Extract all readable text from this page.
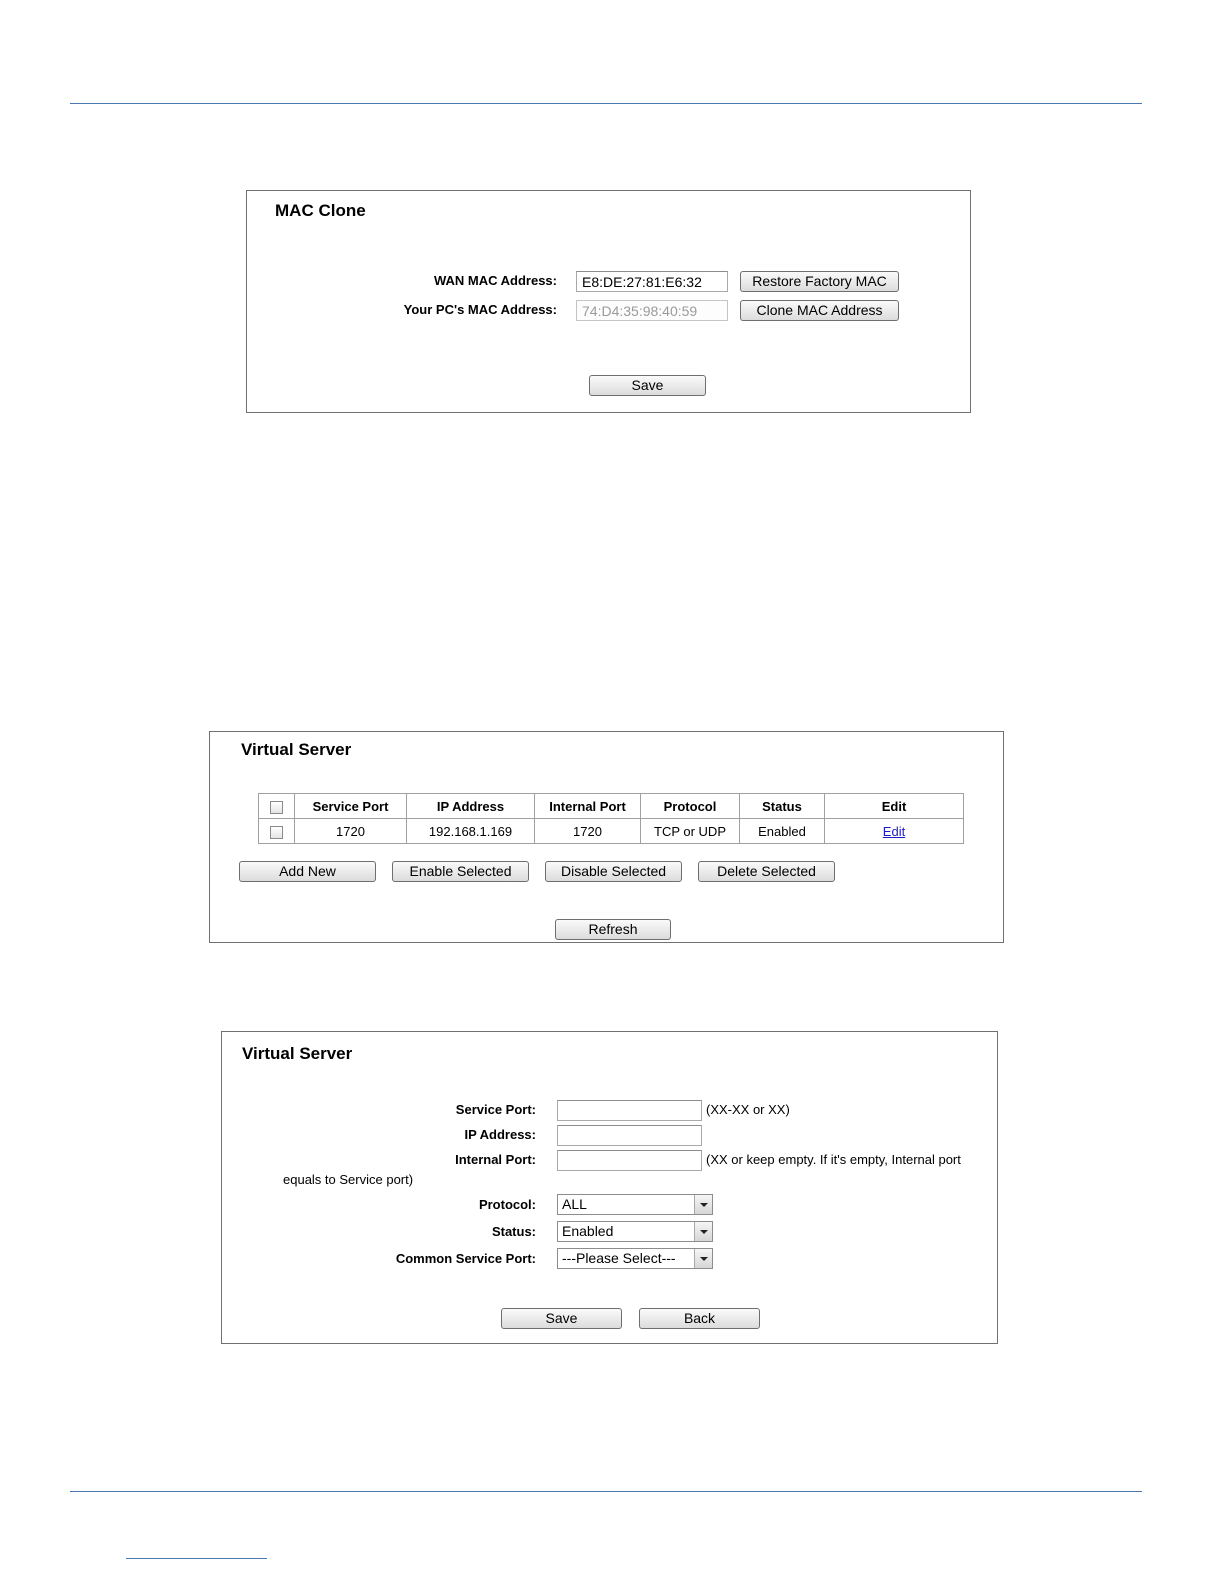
MAC Clone
WAN MAC Address:
E8:DE:27:81:E6:32	Restore Factory MAC
Your PC's MAC Address:
74:D4:35:98:40:59	Clone MAC Address
Save
Virtual Server
	Service Port	IP Address	Internal Port	Protocol	Status	Edit
	1720	192.168.1.169	1720	TCP or UDP	Enabled	Edit
Add New	Enable Selected	Disable Selected	Delete Selected
Refresh
Virtual Server
Service Port:	(XX-XX or XX)
IP Address:
Internal Port:	(XX or keep empty. If it's empty, Internal port
equals to Service port)
Protocol:	ALL
Status:	Enabled
Common Service Port:	---Please Select---
Save	Back
